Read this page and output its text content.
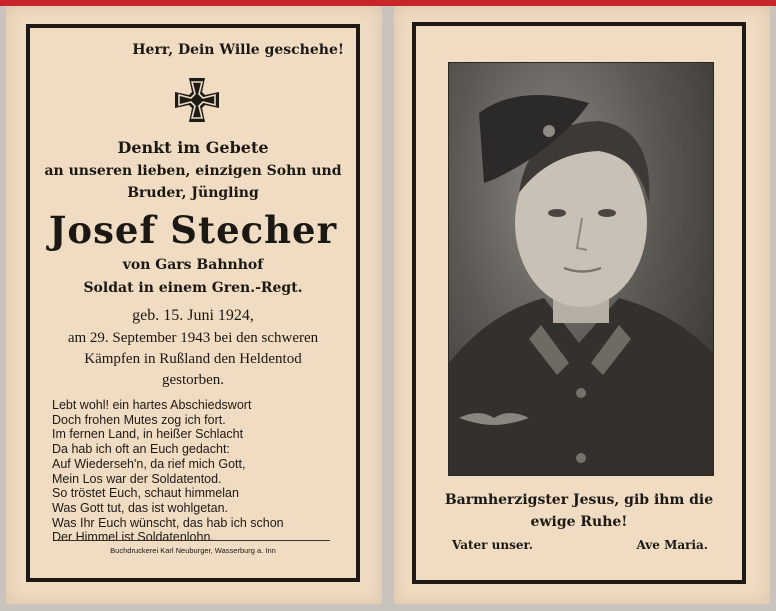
Herr, Dein Wille geschehe!
Denkt im Gebete
an unseren lieben, einzigen Sohn und
Bruder, Jüngling
Josef Stecher
von Gars Bahnhof
Soldat in einem Gren.-Regt.
geb. 15. Juni 1924,
am 29. September 1943 bei den schweren
Kämpfen in Rußland den Heldentod
gestorben.
Lebt wohl! ein hartes Abschiedswort
Doch frohen Mutes zog ich fort.
Im fernen Land, in heißer Schlacht
Da hab ich oft an Euch gedacht:
Auf Wiederseh'n, da rief mich Gott,
Mein Los war der Soldatentod.
So tröstet Euch, schaut himmelan
Was Gott tut, das ist wohlgetan.
Was Ihr Euch wünscht, das hab ich schon
Der Himmel ist Soldatenlohn.
Buchdruckerei Karl Neuburger, Wasserburg a. Inn
Barmherzigster Jesus, gib ihm die
ewige Ruhe!
Vater unser.	Ave Maria.
